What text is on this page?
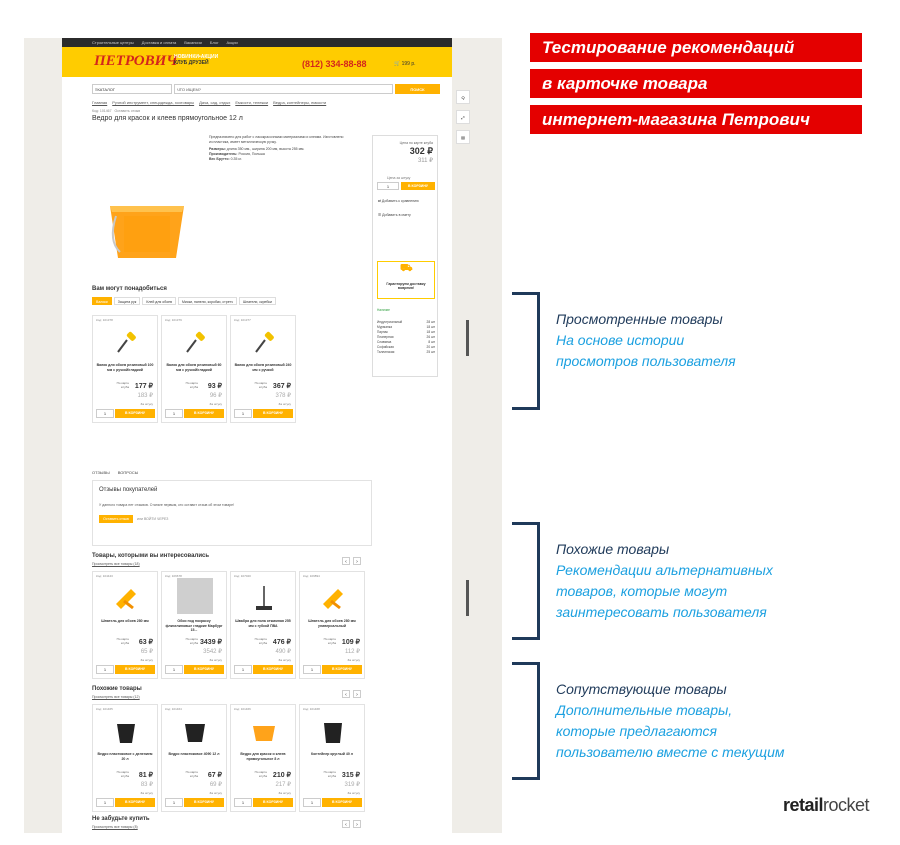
Строительные центры Доставка и оплата Вакансии Блог Акции
ПЕТРОВИЧ
НОВИНКИ•АКЦИИ
КЛУБ ДРУЗЕЙ	(812) 334-88-88	🛒 199 р.
≡ КАТАЛОГ	ЧТО ИЩЕМ?	ПОИСК
Главная Ручной инструмент, спецодежда, хозтовары Дача, сад, отдых Емкости, тележки Ведра, контейнеры, емкости
Код: 101467 Оставить отзыв
Ведро для красок и клеев прямоугольное 12 л
Предназначено для работ с лакокрасочными материалами и клеями. Изготовлено из пластика, имеет металлическую ручку.
Размеры: длина 350 мм., ширина 200 мм, высота 255 мм.
Производитель: Россия, Польша
Вес Брутто: 0.35 кг.
Цена по карте клуба
302 ₽
311 ₽
Цена за штуку
1	В КОРЗИНУ
⇄ Добавить к сравнению
☰ Добавить в смету
⛟
Гарантируем доставку вовремя!
Наличие
Индустриальный	28 шт
Мурманка	18 шт
Парнас	18 шт
Планерная	26 шт
Славянка	8 шт
Софийская	20 шт
Таллинская	25 шт
Вам могут понадобиться
Валики	Защита рук	Клей для обоев	Миски, панели, коробки, стретч	Шпатели, скребки
Код: 101378
Валик для обоев резиновый 100 мм с ручкой/гладкий
По карте клуба 177 ₽
183 ₽
За штуку
1	В КОРЗИНУ
Код: 101379
Валик для обоев резиновый 60 мм с ручкой/гладкий
По карте клуба 93 ₽
96 ₽
За штуку
1	В КОРЗИНУ
Код: 101377
Валик для обоев резиновый 240 мм с ручкой
По карте клуба 367 ₽
378 ₽
За штуку
1	В КОРЗИНУ
ОТЗЫВЫ ВОПРОСЫ
Отзывы покупателей
У данного товара нет отзывов. Станьте первым, кто оставит отзыв об этом товаре!
Оставить отзыв	или ВОЙТИ ЧЕРЕЗ
Товары, которыми вы интересовались
Просмотреть все товары (18)	‹	›
Код: 104443
Шпатель для обоев 280 мм
По карте клуба 63 ₽
65 ₽
За штуку
1	В КОРЗИНУ
Код: 106678
Обои под покраску флизелиновые гладкие Марбург 15...
По карте клуба 3439 ₽
3542 ₽
За штуку
1	В КОРЗИНУ
Код: 107020
Швабра для пола отжимная 255 мм с губкой ПВА
По карте клуба 476 ₽
490 ₽
За штуку
1	В КОРЗИНУ
Код: 109894
Шпатель для обоев 280 мм универсальный
По карте клуба 109 ₽
112 ₽
За штуку
1	В КОРЗИНУ
Похожие товары
Просмотреть все товары (12)	‹	›
Код: 101465
Ведро пластиковое с делением 20 л
По карте клуба 81 ₽
83 ₽
За штуку
1	В КОРЗИНУ
Код: 101464
Ведро пластиковое 4090 12 л
По карте клуба 67 ₽
69 ₽
За штуку
1	В КОРЗИНУ
Код: 101466
Ведро для красок и клеев прямоугольное 8 л
По карте клуба 210 ₽
217 ₽
За штуку
1	В КОРЗИНУ
Код: 101468
Контейнер круглый 40 л
По карте клуба 315 ₽
319 ₽
За штуку
1	В КОРЗИНУ
Не забудьте купить
Просмотреть все товары (8)	‹	›
Q
⤢
▤
Тестирование рекомендаций
в карточке товара
интернет-магазина Петрович
Просмотренные товары
На основе истории
просмотров пользователя
Похожие товары
Рекомендации альтернативных
товаров, которые могут
заинтересовать пользователя
Сопутствующие товары
Дополнительные товары,
которые предлагаются
пользователю вместе с текущим
retailrocket
